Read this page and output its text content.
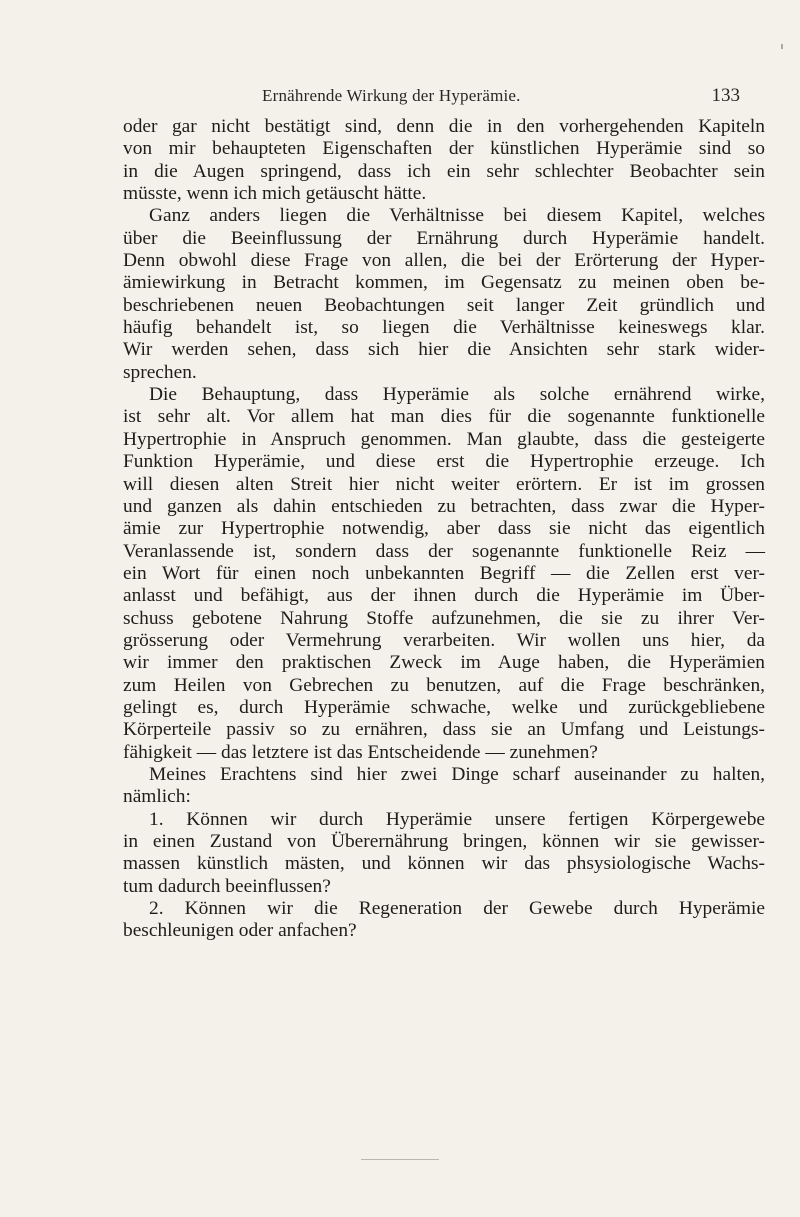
Ernährende Wirkung der Hyperämie.	133
oder gar nicht bestätigt sind, denn die in den vorhergehenden Kapiteln
von mir behaupteten Eigenschaften der künstlichen Hyperämie sind so
in die Augen springend, dass ich ein sehr schlechter Beobachter sein
müsste, wenn ich mich getäuscht hätte.
Ganz anders liegen die Verhältnisse bei diesem Kapitel, welches
über die Beeinflussung der Ernährung durch Hyperämie handelt.
Denn obwohl diese Frage von allen, die bei der Erörterung der Hyper-
ämiewirkung in Betracht kommen, im Gegensatz zu meinen oben be-
beschriebenen neuen Beobachtungen seit langer Zeit gründlich und
häufig behandelt ist, so liegen die Verhältnisse keineswegs klar.
Wir werden sehen, dass sich hier die Ansichten sehr stark wider-
sprechen.
Die Behauptung, dass Hyperämie als solche ernährend wirke,
ist sehr alt. Vor allem hat man dies für die sogenannte funktionelle
Hypertrophie in Anspruch genommen. Man glaubte, dass die gesteigerte
Funktion Hyperämie, und diese erst die Hypertrophie erzeuge. Ich
will diesen alten Streit hier nicht weiter erörtern. Er ist im grossen
und ganzen als dahin entschieden zu betrachten, dass zwar die Hyper-
ämie zur Hypertrophie notwendig, aber dass sie nicht das eigentlich
Veranlassende ist, sondern dass der sogenannte funktionelle Reiz —
ein Wort für einen noch unbekannten Begriff — die Zellen erst ver-
anlasst und befähigt, aus der ihnen durch die Hyperämie im Über-
schuss gebotene Nahrung Stoffe aufzunehmen, die sie zu ihrer Ver-
grösserung oder Vermehrung verarbeiten. Wir wollen uns hier, da
wir immer den praktischen Zweck im Auge haben, die Hyperämien
zum Heilen von Gebrechen zu benutzen, auf die Frage beschränken,
gelingt es, durch Hyperämie schwache, welke und zurückgebliebene
Körperteile passiv so zu ernähren, dass sie an Umfang und Leistungs-
fähigkeit — das letztere ist das Entscheidende — zunehmen?
Meines Erachtens sind hier zwei Dinge scharf auseinander zu halten,
nämlich:
1. Können wir durch Hyperämie unsere fertigen Körpergewebe
in einen Zustand von Überernährung bringen, können wir sie gewisser-
massen künstlich mästen, und können wir das phsysiologische Wachs-
tum dadurch beeinflussen?
2. Können wir die Regeneration der Gewebe durch Hyperämie
beschleunigen oder anfachen?
